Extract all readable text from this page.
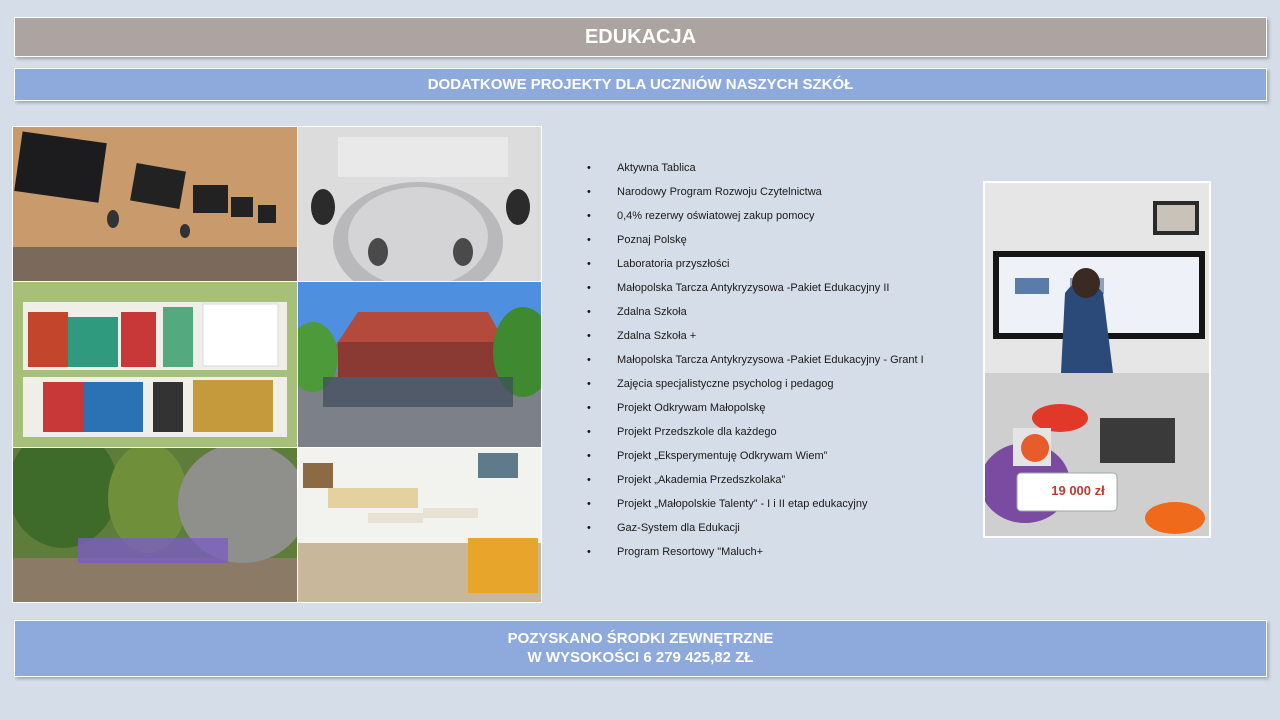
EDUKACJA
DODATKOWE PROJEKTY DLA UCZNIÓW NASZYCH SZKÓŁ
• Aktywna Tablica
• Narodowy Program Rozwoju Czytelnictwa
• 0,4% rezerwy oświatowej zakup pomocy
• Poznaj Polskę
• Laboratoria przyszłości
• Małopolska Tarcza Antykryzysowa -Pakiet Edukacyjny II
• Zdalna Szkoła
• Zdalna Szkoła +
• Małopolska Tarcza Antykryzysowa -Pakiet Edukacyjny - Grant I
• Zajęcia specjalistyczne psycholog i pedagog
• Projekt Odkrywam Małopolskę
• Projekt Przedszkole dla każdego
• Projekt „Eksperymentuję Odkrywam Wiem”
• Projekt „Akademia Przedszkolaka”
• Projekt „Małopolskie Talenty” - I i II etap edukacyjny
• Gaz-System dla Edukacji
• Program Resortowy "Maluch+
19 000 zł
POZYSKANO ŚRODKI ZEWNĘTRZNE
W WYSOKOŚCI 6 279 425,82 ZŁ
